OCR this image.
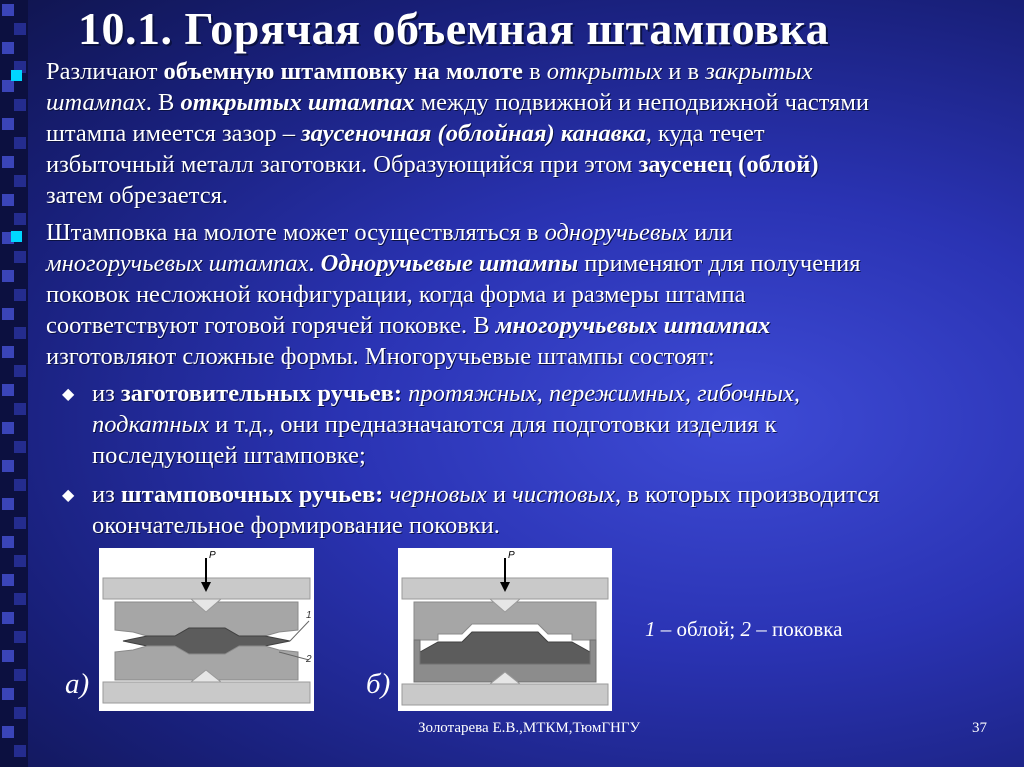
10.1. Горячая объемная штамповка
Различают объемную штамповку на молоте в открытых и в закрытых
штампах. В открытых штампах между подвижной и неподвижной частями
штампа имеется зазор – заусеночная (облойная) канавка, куда течет
избыточный металл заготовки. Образующийся при этом заусенец (облой)
затем обрезается.
Штамповка на молоте может осуществляться в одноручьевых или
многоручьевых штампах. Одноручьевые штампы применяют для получения
поковок несложной конфигурации, когда форма и размеры штампа
соответствуют готовой горячей поковке. В многоручьевых штампах
изготовляют сложные формы. Многоручьевые штампы состоят:
◆ из заготовительных ручьев: протяжных, пережимных, гибочных,
подкатных и т.д., они предназначаются для подготовки изделия к
последующей штамповке;
◆ из штамповочных ручьев: черновых и чистовых, в которых производится
окончательное формирование поковки.
P
1
2
а)
P
б)
1 – облой; 2 – поковка
Золотарева Е.В.,МТКМ,ТюмГНГУ	37
